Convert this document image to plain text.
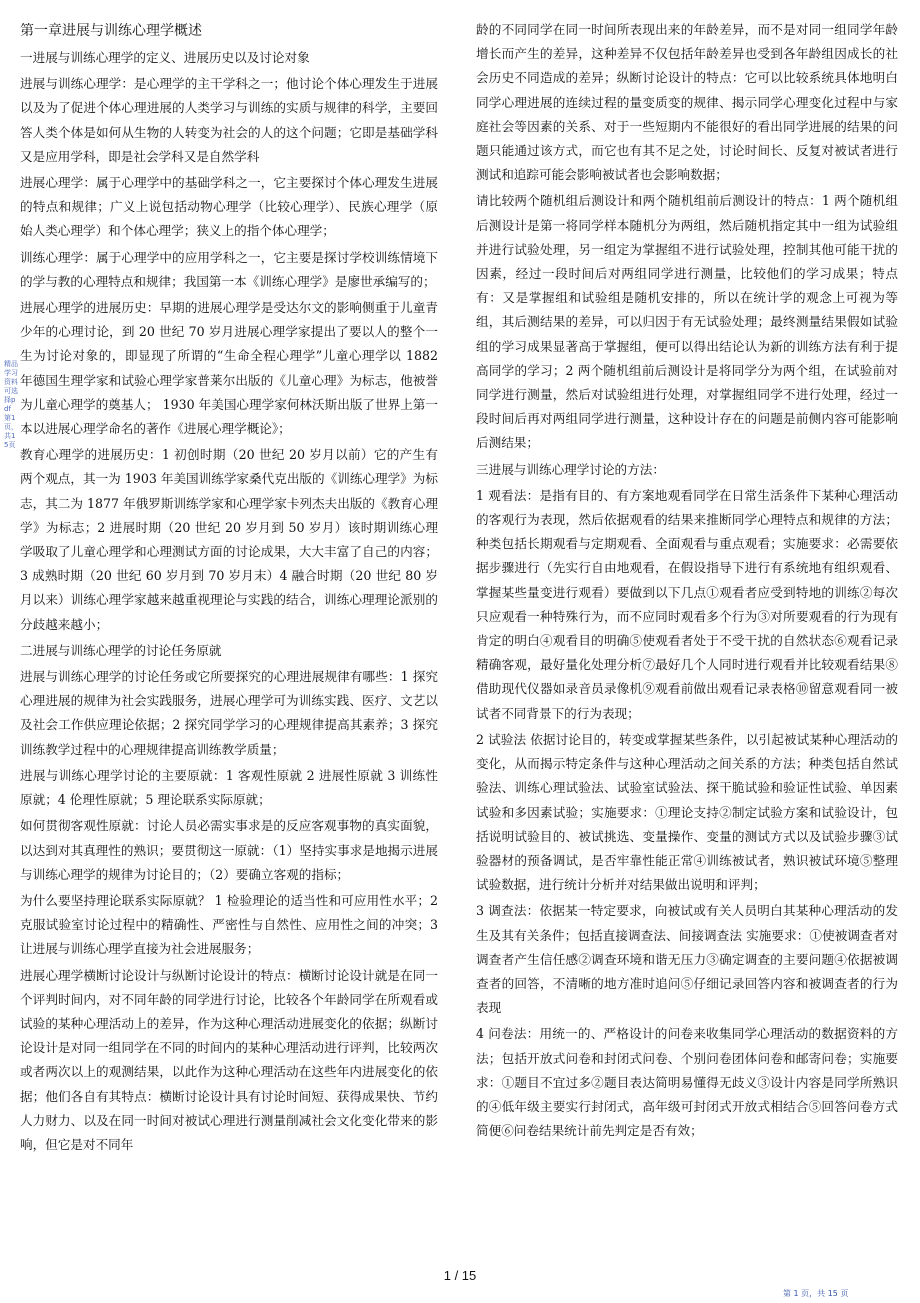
第一章进展与训练心理学概述

一进展与训练心理学的定义、进展历史以及讨论对象

进展与训练心理学：是心理学的主干学科之一；他讨论个体心理发生于进展以及为了促进个体心理进展的人类学习与训练的实质与规律的科学，主要回答人类个体是如何从生物的人转变为社会的人的这个问题；它即是基础学科又是应用学科，即是社会学科又是自然学科

进展心理学：属于心理学中的基础学科之一，它主要探讨个体心理发生进展的特点和规律；广义上说包括动物心理学（比较心理学）、民族心理学（原始人类心理学）和个体心理学；狭义上的指个体心理学；

训练心理学：属于心理学中的应用学科之一，它主要是探讨学校训练情境下的学与教的心理特点和规律；我国第一本《训练心理学》是廖世承编写的；

进展心理学的进展历史：早期的进展心理学是受达尔文的影响侧重于儿童青少年的心理讨论，到 20 世纪 70 岁月进展心理学家提出了要以人的整个一生为讨论对象的，即显现了所谓的“生命全程心理学”儿童心理学以 1882 年德国生理学家和试验心理学家普莱尔出版的《儿童心理》为标志，他被誉为儿童心理学的奠基人； 1930 年美国心理学家何林沃斯出版了世界上第一本以进展心理学命名的著作《进展心理学概论》；

教育心理学的进展历史：1 初创时期（20 世纪 20 岁月以前）它的产生有两个观点，其一为 1903 年美国训练学家桑代克出版的《训练心理学》为标志，其二为 1877 年俄罗斯训练学家和心理学家卡列杰夫出版的《教育心理学》为标志；2 进展时期（20 世纪 20 岁月到 50 岁月）该时期训练心理学吸取了儿童心理学和心理测试方面的讨论成果，大大丰富了自己的内容；3 成熟时期（20 世纪 60 岁月到 70 岁月末）4 融合时期（20 世纪 80 岁月以来）训练心理学家越来越重视理论与实践的结合，训练心理理论派别的分歧越来越小；

二进展与训练心理学的讨论任务原就

进展与训练心理学的讨论任务或它所要探究的心理进展规律有哪些：1 探究心理进展的规律为社会实践服务，进展心理学可为训练实践、医疗、文艺以及社会工作供应理论依据；2 探究同学学习的心理规律提高其素养；3 探究训练教学过程中的心理规律提高训练教学质量；

进展与训练心理学讨论的主要原就：1 客观性原就 2 进展性原就 3 训练性原就；4 伦理性原就；5 理论联系实际原就；

如何贯彻客观性原就：讨论人员必需实事求是的反应客观事物的真实面貌，以达到对其真理性的熟识；要贯彻这一原就：（1）坚持实事求是地揭示进展与训练心理学的规律为讨论目的；（2）要确立客观的指标；

为什么要坚持理论联系实际原就？ 1 检验理论的适当性和可应用性水平；2 克服试验室讨论过程中的精确性、严密性与自然性、应用性之间的冲突；3 让进展与训练心理学直接为社会进展服务；

进展心理学横断讨论设计与纵断讨论设计的特点：横断讨论设计就是在同一个评判时间内，对不同年龄的同学进行讨论，比较各个年龄同学在所观看或试验的某种心理活动上的差异，作为这种心理活动进展变化的依据；纵断讨论设计是对同一组同学在不同的时间内的某种心理活动进行评判，比较两次或者两次以上的观测结果，以此作为这种心理活动在这些年内进展变化的依据；他们各自有其特点：横断讨论设计具有讨论时间短、获得成果快、节约人力财力、以及在同一时间对被试心理进行测量削减社会文化变化带来的影响，但它是对不同年

龄的不同同学在同一时间所表现出来的年龄差异，而不是对同一组同学年龄增长而产生的差异，这种差异不仅包括年龄差异也受到各年龄组因成长的社会历史不同造成的差异；纵断讨论设计的特点：它可以比较系统具体地明白同学心理进展的连续过程的量变质变的规律、揭示同学心理变化过程中与家庭社会等因素的关系、对于一些短期内不能很好的看出同学进展的结果的问题只能通过该方式，而它也有其不足之处，讨论时间长、反复对被试者进行测试和追踪可能会影响被试者也会影响数据；

请比较两个随机组后测设计和两个随机组前后测设计的特点：1 两个随机组后测设计是第一将同学样本随机分为两组，然后随机指定其中一组为试验组并进行试验处理，另一组定为掌握组不进行试验处理，控制其他可能干扰的因素，经过一段时间后对两组同学进行测量，比较他们的学习成果；特点有：又是掌握组和试验组是随机安排的，所以在统计学的观念上可视为等组，其后测结果的差异，可以归因于有无试验处理；最终测量结果假如试验组的学习成果显著高于掌握组，便可以得出结论认为新的训练方法有利于提高同学的学习；2 两个随机组前后测设计是将同学分为两个组，在试验前对同学进行测量，然后对试验组进行处理，对掌握组同学不进行处理，经过一段时间后再对两组同学进行测量，这种设计存在的问题是前侧内容可能影响后测结果；

三进展与训练心理学讨论的方法：

1 观看法：是指有目的、有方案地观看同学在日常生活条件下某种心理活动的客观行为表现，然后依据观看的结果来推断同学心理特点和规律的方法；种类包括长期观看与定期观看、全面观看与重点观看；实施要求：必需要依据步骤进行（先实行自由地观看，在假设指导下进行有系统地有组织观看、掌握某些量变进行观看）要做到以下几点①观看者应受到特地的训练②每次只应观看一种特殊行为，而不应同时观看多个行为③对所要观看的行为现有肯定的明白④观看目的明确⑤使观看者处于不受干扰的自然状态⑥观看记录精确客观，最好量化处理分析⑦最好几个人同时进行观看并比较观看结果⑧借助现代仪器如录音员录像机⑨观看前做出观看记录表格⑩留意观看同一被试者不同背景下的行为表现；

2 试验法 依据讨论目的，转变或掌握某些条件，以引起被试某种心理活动的变化，从而揭示特定条件与这种心理活动之间关系的方法；种类包括自然试验法、训练心理试验法、试验室试验法、探干脆试验和验证性试验、单因素试验和多因素试验；实施要求：①理论支持②制定试验方案和试验设计，包括说明试验目的、被试挑选、变量操作、变量的测试方式以及试验步骤③试验器材的预备调试，是否牢靠性能正常④训练被试者，熟识被试环境⑤整理试验数据，进行统计分析并对结果做出说明和评判；

3 调查法：依据某一特定要求，向被试或有关人员明白其某种心理活动的发生及其有关条件；包括直接调查法、间接调查法 实施要求：①使被调查者对调查者产生信任感②调查环境和谐无压力③确定调查的主要问题④依据被调查者的回答，不清晰的地方准时追问⑤仔细记录回答内容和被调查者的行为表现

4 问卷法：用统一的、严格设计的问卷来收集同学心理活动的数据资料的方法；包括开放式问卷和封闭式问卷、个别问卷团体问卷和邮寄问卷；实施要求：①题目不宜过多②题目表达简明易懂得无歧义③设计内容是同学所熟识的④低年级主要实行封闭式，高年级可封闭式开放式相结合⑤回答问卷方式简便⑥问卷结果统计前先判定是否有效；

精品学习资料可选择pdf 第1页，共15页
1 / 15
第 1 页，共 15 页
